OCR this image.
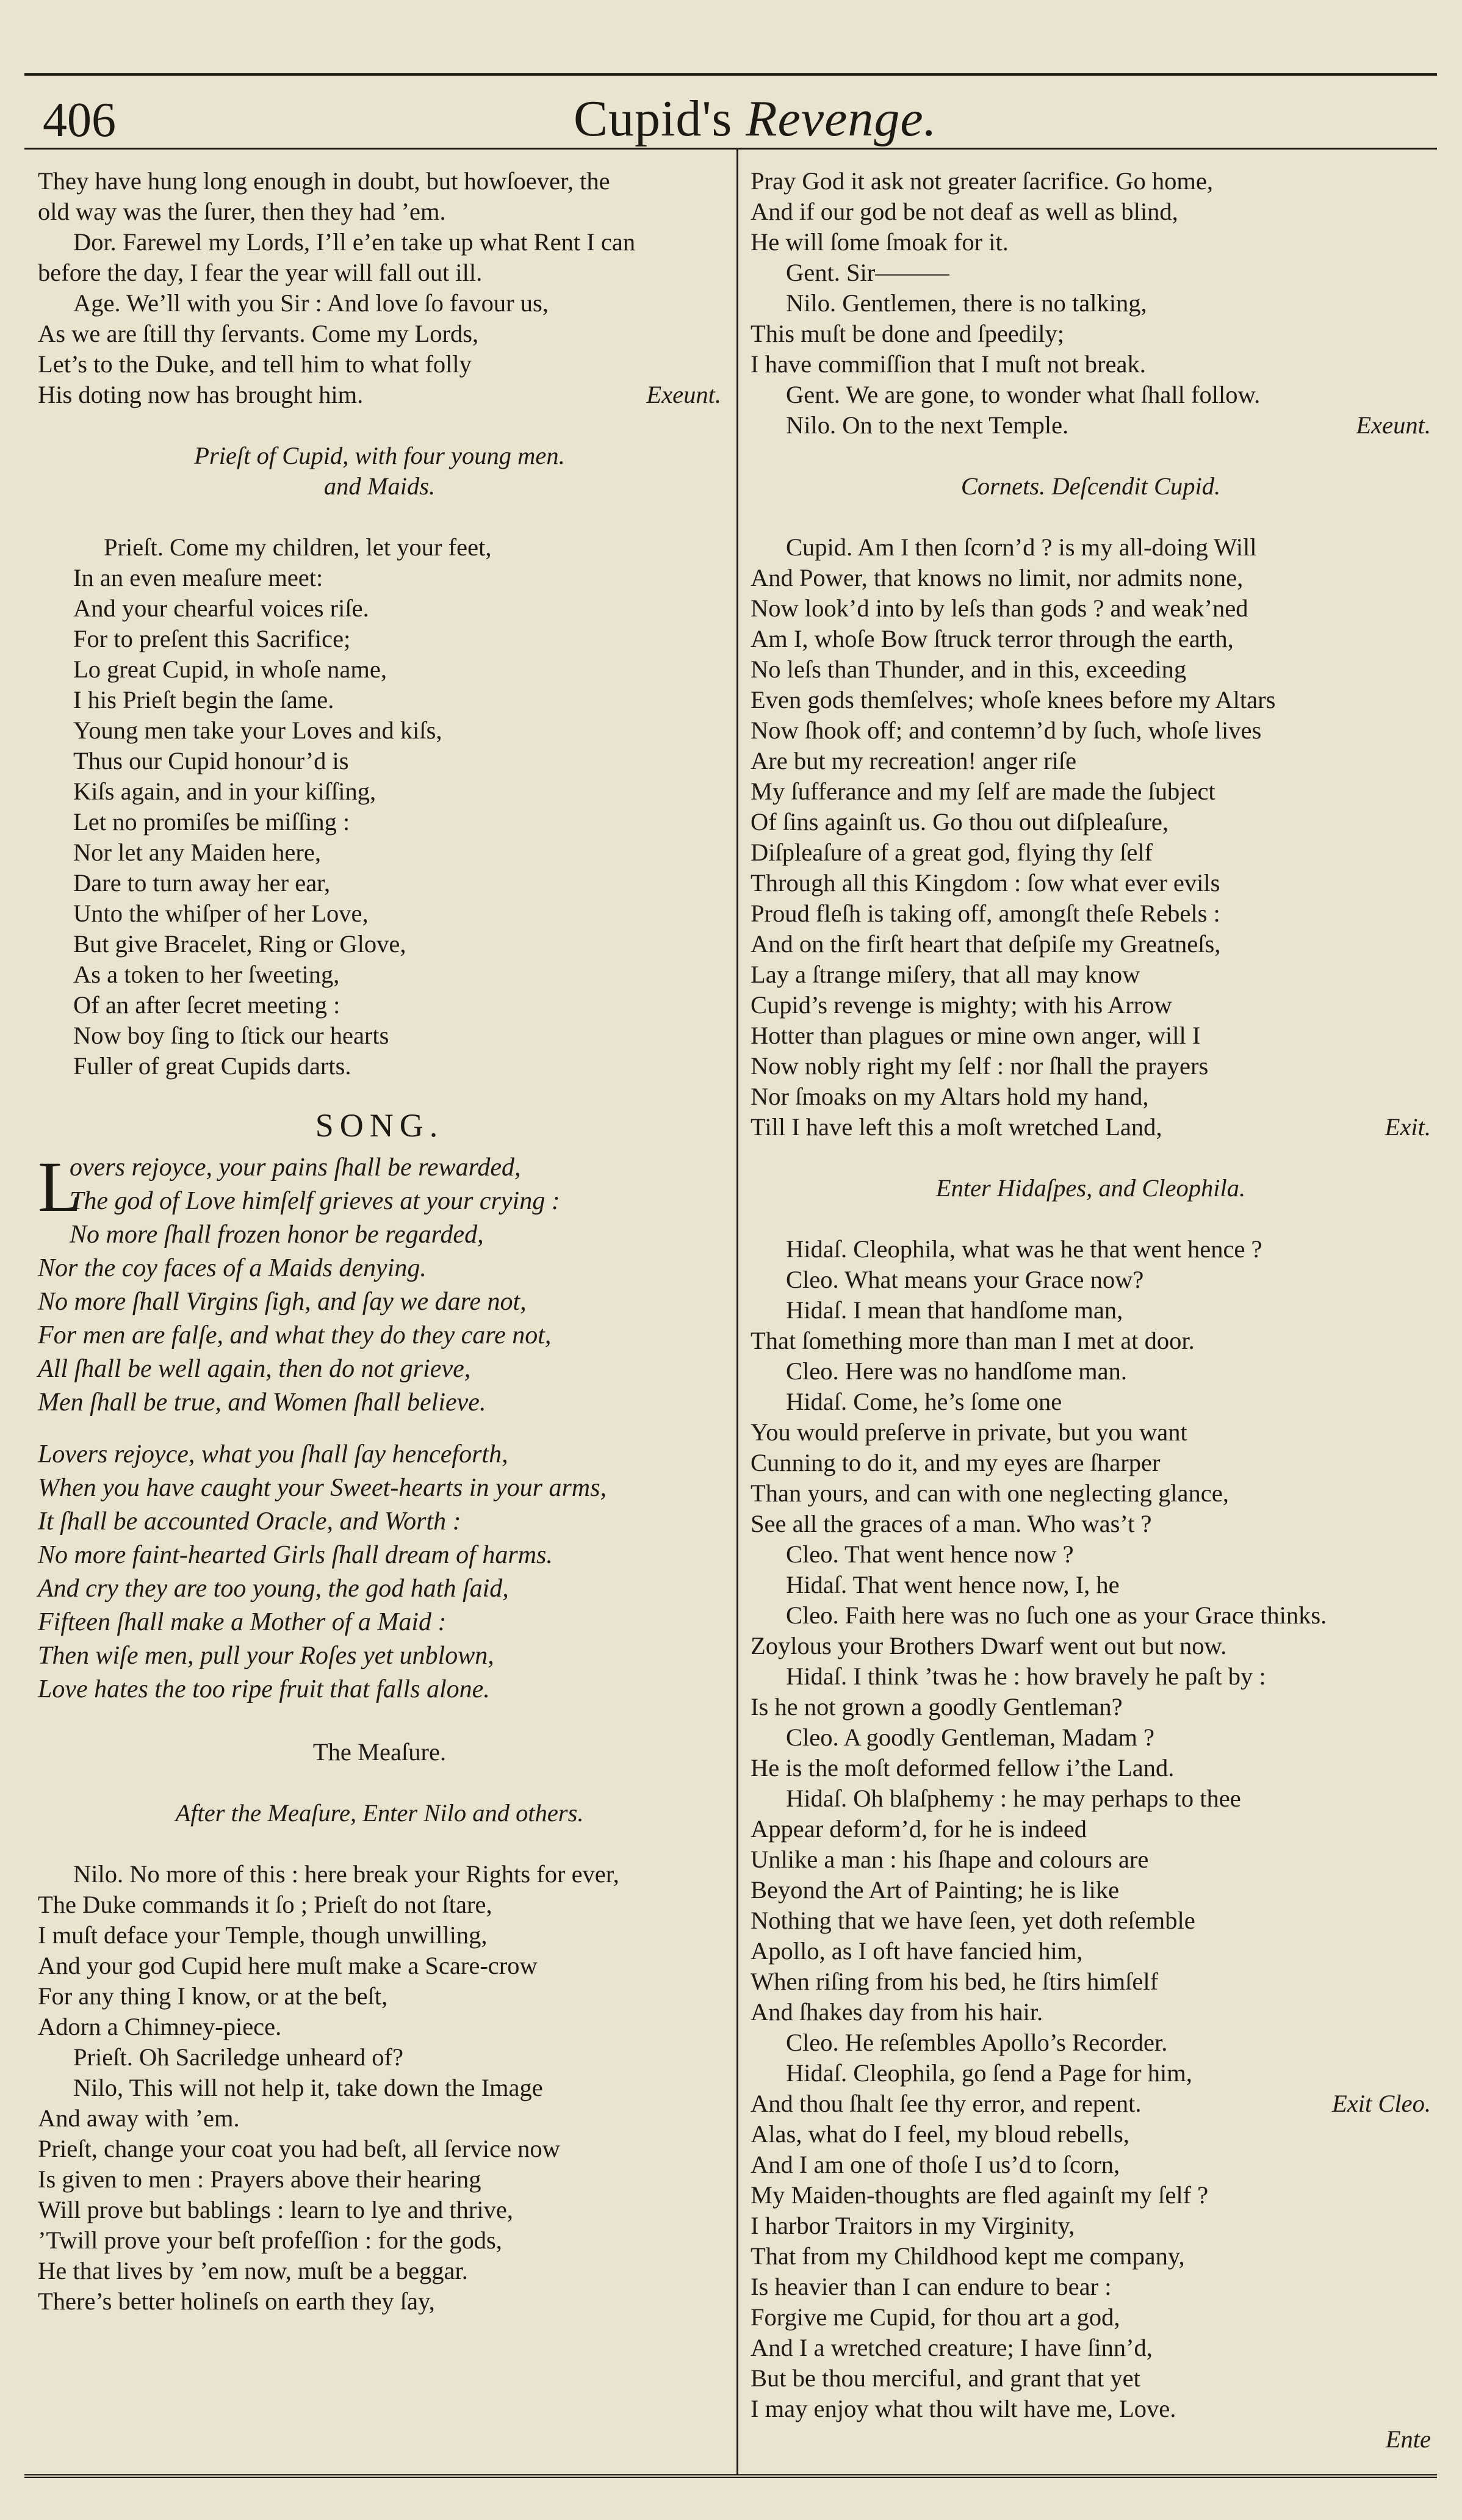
406	Cupid's Revenge.
They have hung long enough in doubt, but howſoever, the
old way was the ſurer, then they had ’em.
Dor. Farewel my Lords, I’ll e’en take up what Rent I can
before the day, I fear the year will fall out ill.
Age. We’ll with you Sir : And love ſo favour us,
As we are ſtill thy ſervants. Come my Lords,
Let’s to the Duke, and tell him to what folly
His doting now has brought him.	Exeunt.
Prieſt of Cupid, with four young men.
and Maids.
Prieſt. Come my children, let your feet,
In an even meaſure meet:
And your chearful voices riſe.
For to preſent this Sacrifice;
Lo great Cupid, in whoſe name,
I his Prieſt begin the ſame.
Young men take your Loves and kiſs,
Thus our Cupid honour’d is
Kiſs again, and in your kiſſing,
Let no promiſes be miſſing :
Nor let any Maiden here,
Dare to turn away her ear,
Unto the whiſper of her Love,
But give Bracelet, Ring or Glove,
As a token to her ſweeting,
Of an after ſecret meeting :
Now boy ſing to ſtick our hearts
Fuller of great Cupids darts.
SONG.
L
overs rejoyce, your pains ſhall be rewarded,
The god of Love himſelf grieves at your crying :
No more ſhall frozen honor be regarded,
Nor the coy faces of a Maids denying.
No more ſhall Virgins ſigh, and ſay we dare not,
For men are falſe, and what they do they care not,
All ſhall be well again, then do not grieve,
Men ſhall be true, and Women ſhall believe.
Lovers rejoyce, what you ſhall ſay henceforth,
When you have caught your Sweet-hearts in your arms,
It ſhall be accounted Oracle, and Worth :
No more faint-hearted Girls ſhall dream of harms.
And cry they are too young, the god hath ſaid,
Fifteen ſhall make a Mother of a Maid :
Then wiſe men, pull your Roſes yet unblown,
Love hates the too ripe fruit that falls alone.
The Meaſure.
After the Meaſure, Enter Nilo and others.
Nilo. No more of this : here break your Rights for ever,
The Duke commands it ſo ; Prieſt do not ſtare,
I muſt deface your Temple, though unwilling,
And your god Cupid here muſt make a Scare-crow
For any thing I know, or at the beſt,
Adorn a Chimney-piece.
Prieſt. Oh Sacriledge unheard of?
Nilo, This will not help it, take down the Image
And away with ’em.
Prieſt, change your coat you had beſt, all ſervice now
Is given to men : Prayers above their hearing
Will prove but bablings : learn to lye and thrive,
’Twill prove your beſt profeſſion : for the gods,
He that lives by ’em now, muſt be a beggar.
There’s better holineſs on earth they ſay,
Pray God it ask not greater ſacrifice. Go home,
And if our god be not deaf as well as blind,
He will ſome ſmoak for it.
Gent. Sir———
Nilo. Gentlemen, there is no talking,
This muſt be done and ſpeedily;
I have commiſſion that I muſt not break.
Gent. We are gone, to wonder what ſhall follow.
Nilo. On to the next Temple.	Exeunt.
Cornets. Deſcendit Cupid.
Cupid. Am I then ſcorn’d ? is my all-doing Will
And Power, that knows no limit, nor admits none,
Now look’d into by leſs than gods ? and weak’ned
Am I, whoſe Bow ſtruck terror through the earth,
No leſs than Thunder, and in this, exceeding
Even gods themſelves; whoſe knees before my Altars
Now ſhook off; and contemn’d by ſuch, whoſe lives
Are but my recreation! anger riſe
My ſufferance and my ſelf are made the ſubject
Of ſins againſt us. Go thou out diſpleaſure,
Diſpleaſure of a great god, flying thy ſelf
Through all this Kingdom : ſow what ever evils
Proud fleſh is taking off, amongſt theſe Rebels :
And on the firſt heart that deſpiſe my Greatneſs,
Lay a ſtrange miſery, that all may know
Cupid’s revenge is mighty; with his Arrow
Hotter than plagues or mine own anger, will I
Now nobly right my ſelf : nor ſhall the prayers
Nor ſmoaks on my Altars hold my hand,
Till I have left this a moſt wretched Land,	Exit.
Enter Hidaſpes, and Cleophila.
Hidaſ. Cleophila, what was he that went hence ?
Cleo. What means your Grace now?
Hidaſ. I mean that handſome man,
That ſomething more than man I met at door.
Cleo. Here was no handſome man.
Hidaſ. Come, he’s ſome one
You would preſerve in private, but you want
Cunning to do it, and my eyes are ſharper
Than yours, and can with one neglecting glance,
See all the graces of a man. Who was’t ?
Cleo. That went hence now ?
Hidaſ. That went hence now, I, he
Cleo. Faith here was no ſuch one as your Grace thinks.
Zoylous your Brothers Dwarf went out but now.
Hidaſ. I think ’twas he : how bravely he paſt by :
Is he not grown a goodly Gentleman?
Cleo. A goodly Gentleman, Madam ?
He is the moſt deformed fellow i’the Land.
Hidaſ. Oh blaſphemy : he may perhaps to thee
Appear deform’d, for he is indeed
Unlike a man : his ſhape and colours are
Beyond the Art of Painting; he is like
Nothing that we have ſeen, yet doth reſemble
Apollo, as I oft have fancied him,
When riſing from his bed, he ſtirs himſelf
And ſhakes day from his hair.
Cleo. He reſembles Apollo’s Recorder.
Hidaſ. Cleophila, go ſend a Page for him,
And thou ſhalt ſee thy error, and repent.	Exit Cleo.
Alas, what do I feel, my bloud rebells,
And I am one of thoſe I us’d to ſcorn,
My Maiden-thoughts are fled againſt my ſelf ?
I harbor Traitors in my Virginity,
That from my Childhood kept me company,
Is heavier than I can endure to bear :
Forgive me Cupid, for thou art a god,
And I a wretched creature; I have ſinn’d,
But be thou merciful, and grant that yet
I may enjoy what thou wilt have me, Love.
Ente
